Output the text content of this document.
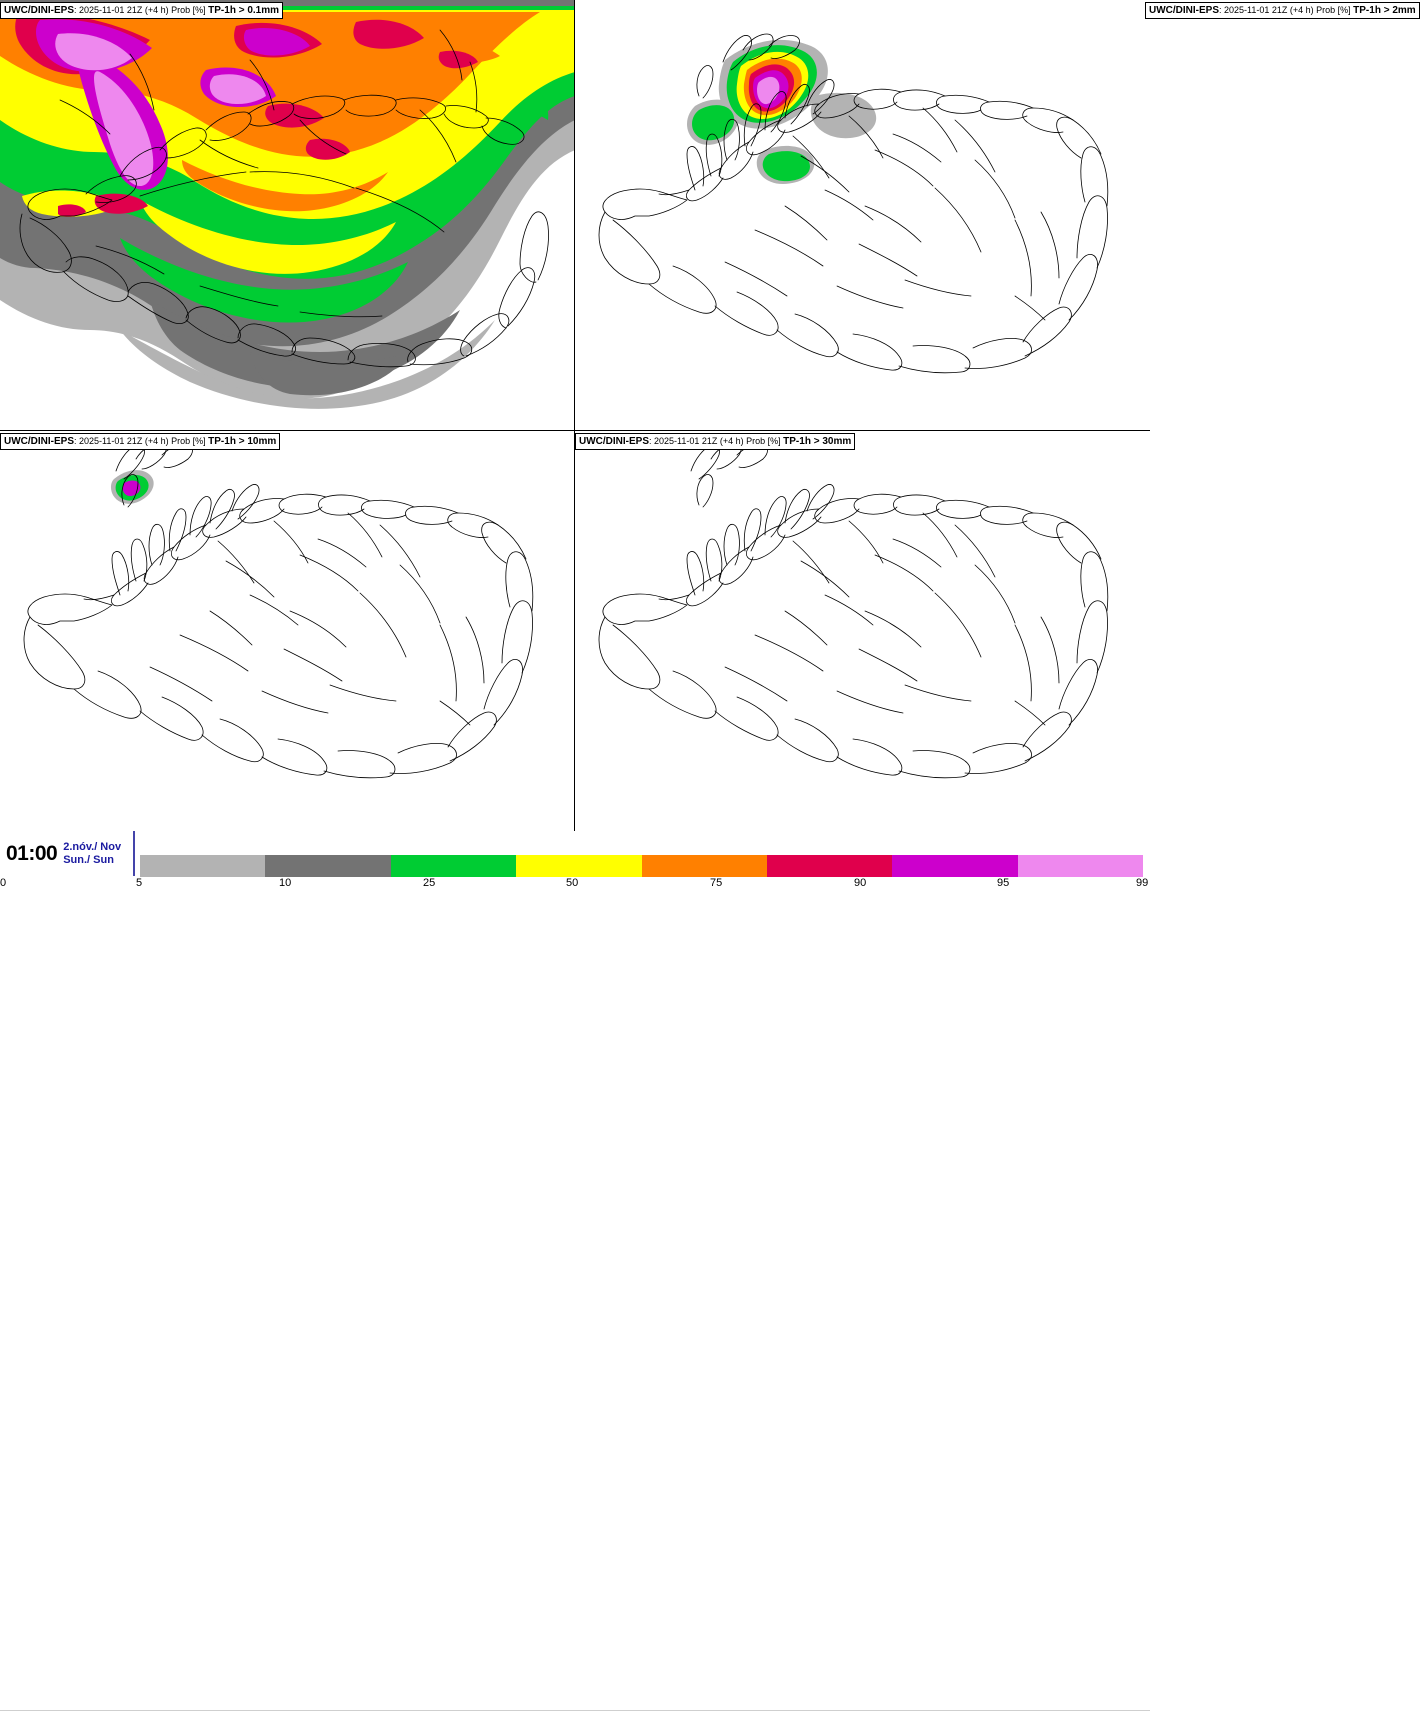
UWC/DINI-EPS: 2025-11-01 21Z (+4 h) Prob [%] TP-1h > 0.1mm	UWC/DINI-EPS: 2025-11-01 21Z (+4 h) Prob [%] TP-1h > 2mm
UWC/DINI-EPS: 2025-11-01 21Z (+4 h) Prob [%] TP-1h > 10mm	UWC/DINI-EPS: 2025-11-01 21Z (+4 h) Prob [%] TP-1h > 30mm
01:00 2.nóv./ Nov
Sun./ Sun
0	5	10	25	50	75	90	95	99
